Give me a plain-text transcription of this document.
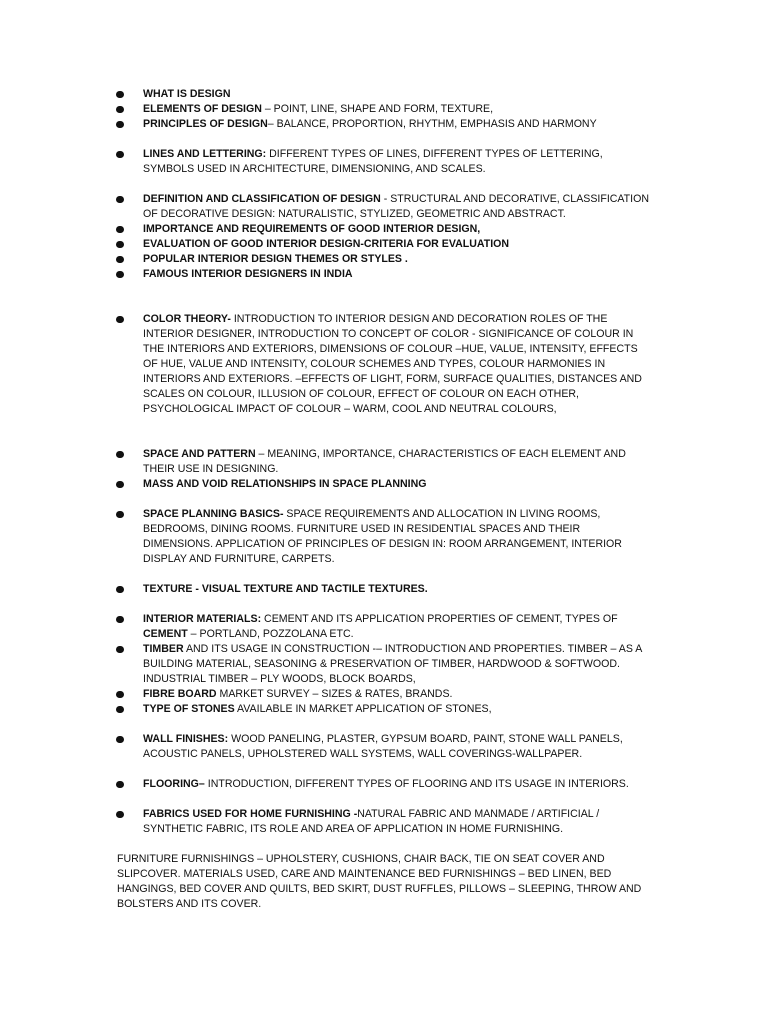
WHAT IS DESIGN
ELEMENTS OF DESIGN – POINT, LINE, SHAPE AND FORM, TEXTURE,
PRINCIPLES OF DESIGN– BALANCE, PROPORTION, RHYTHM, EMPHASIS AND HARMONY
LINES AND LETTERING: DIFFERENT TYPES OF LINES, DIFFERENT TYPES OF LETTERING, SYMBOLS USED IN ARCHITECTURE, DIMENSIONING, AND SCALES.
DEFINITION AND CLASSIFICATION OF DESIGN - STRUCTURAL AND DECORATIVE, CLASSIFICATION OF DECORATIVE DESIGN: NATURALISTIC, STYLIZED, GEOMETRIC AND ABSTRACT.
IMPORTANCE AND REQUIREMENTS OF GOOD INTERIOR DESIGN,
EVALUATION OF GOOD INTERIOR DESIGN-CRITERIA FOR EVALUATION
POPULAR INTERIOR DESIGN THEMES OR STYLES .
FAMOUS INTERIOR DESIGNERS IN INDIA
COLOR THEORY- INTRODUCTION TO INTERIOR DESIGN AND DECORATION ROLES OF THE INTERIOR DESIGNER, INTRODUCTION TO CONCEPT OF COLOR - SIGNIFICANCE OF COLOUR IN THE INTERIORS AND EXTERIORS, DIMENSIONS OF COLOUR –HUE, VALUE, INTENSITY, EFFECTS OF HUE, VALUE AND INTENSITY, COLOUR SCHEMES AND TYPES, COLOUR HARMONIES IN INTERIORS AND EXTERIORS. –EFFECTS OF LIGHT, FORM, SURFACE QUALITIES, DISTANCES AND SCALES ON COLOUR, ILLUSION OF COLOUR, EFFECT OF COLOUR ON EACH OTHER, PSYCHOLOGICAL IMPACT OF COLOUR – WARM, COOL AND NEUTRAL COLOURS,
SPACE AND PATTERN – MEANING, IMPORTANCE, CHARACTERISTICS OF EACH ELEMENT AND THEIR USE IN DESIGNING.
MASS AND VOID RELATIONSHIPS IN SPACE PLANNING
SPACE PLANNING BASICS- SPACE REQUIREMENTS AND ALLOCATION IN LIVING ROOMS, BEDROOMS, DINING ROOMS. FURNITURE USED IN RESIDENTIAL SPACES AND THEIR DIMENSIONS. APPLICATION OF PRINCIPLES OF DESIGN IN: ROOM ARRANGEMENT, INTERIOR DISPLAY AND FURNITURE, CARPETS.
TEXTURE - VISUAL TEXTURE AND TACTILE TEXTURES.
INTERIOR MATERIALS: CEMENT AND ITS APPLICATION PROPERTIES OF CEMENT, TYPES OF CEMENT – PORTLAND, POZZOLANA ETC.
TIMBER AND ITS USAGE IN CONSTRUCTION -– INTRODUCTION AND PROPERTIES. TIMBER – AS A BUILDING MATERIAL, SEASONING & PRESERVATION OF TIMBER, HARDWOOD & SOFTWOOD. INDUSTRIAL TIMBER – PLY WOODS, BLOCK BOARDS,
FIBRE BOARD MARKET SURVEY – SIZES & RATES, BRANDS.
TYPE OF STONES AVAILABLE IN MARKET APPLICATION OF STONES,
WALL FINISHES: WOOD PANELING, PLASTER, GYPSUM BOARD, PAINT, STONE WALL PANELS, ACOUSTIC PANELS, UPHOLSTERED WALL SYSTEMS, WALL COVERINGS-WALLPAPER.
FLOORING– INTRODUCTION, DIFFERENT TYPES OF FLOORING AND ITS USAGE IN INTERIORS.
FABRICS USED FOR HOME FURNISHING -NATURAL FABRIC AND MANMADE / ARTIFICIAL / SYNTHETIC FABRIC, ITS ROLE AND AREA OF APPLICATION IN HOME FURNISHING.

FURNITURE FURNISHINGS – UPHOLSTERY, CUSHIONS, CHAIR BACK, TIE ON SEAT COVER AND SLIPCOVER. MATERIALS USED, CARE AND MAINTENANCE BED FURNISHINGS – BED LINEN, BED HANGINGS, BED COVER AND QUILTS, BED SKIRT, DUST RUFFLES, PILLOWS – SLEEPING, THROW AND BOLSTERS AND ITS COVER.
